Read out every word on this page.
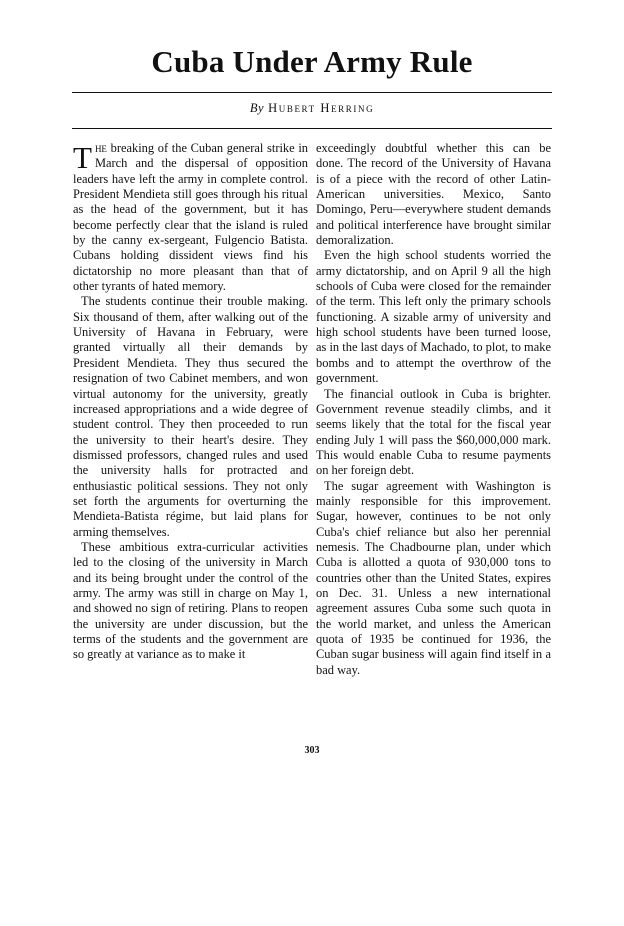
Cuba Under Army Rule
By Hubert Herring

The breaking of the Cuban general strike in March and the dispersal of opposition leaders have left the army in complete control. President Mendieta still goes through his ritual as the head of the government, but it has become perfectly clear that the island is ruled by the canny ex-sergeant, Fulgencio Batista. Cubans holding dissident views find his dictatorship no more pleasant than that of other tyrants of hated memory.

The students continue their trouble making. Six thousand of them, after walking out of the University of Havana in February, were granted virtually all their demands by President Mendieta. They thus secured the resignation of two Cabinet members, and won virtual autonomy for the university, greatly increased appropriations and a wide degree of student control. They then proceeded to run the university to their heart's desire. They dismissed professors, changed rules and used the university halls for protracted and enthusiastic political sessions. They not only set forth the arguments for overturning the Mendieta-Batista régime, but laid plans for arming themselves.

These ambitious extra-curricular activities led to the closing of the university in March and its being brought under the control of the army. The army was still in charge on May 1, and showed no sign of retiring. Plans to reopen the university are under discussion, but the terms of the students and the government are so greatly at variance as to make it

exceedingly doubtful whether this can be done. The record of the University of Havana is of a piece with the record of other Latin-American universities. Mexico, Santo Domingo, Peru—everywhere student demands and political interference have brought similar demoralization.

Even the high school students worried the army dictatorship, and on April 9 all the high schools of Cuba were closed for the remainder of the term. This left only the primary schools functioning. A sizable army of university and high school students have been turned loose, as in the last days of Machado, to plot, to make bombs and to attempt the overthrow of the government.

The financial outlook in Cuba is brighter. Government revenue steadily climbs, and it seems likely that the total for the fiscal year ending July 1 will pass the $60,000,000 mark. This would enable Cuba to resume payments on her foreign debt.

The sugar agreement with Washington is mainly responsible for this improvement. Sugar, however, continues to be not only Cuba's chief reliance but also her perennial nemesis. The Chadbourne plan, under which Cuba is allotted a quota of 930,000 tons to countries other than the United States, expires on Dec. 31. Unless a new international agreement assures Cuba some such quota in the world market, and unless the American quota of 1935 be continued for 1936, the Cuban sugar business will again find itself in a bad way.

303
